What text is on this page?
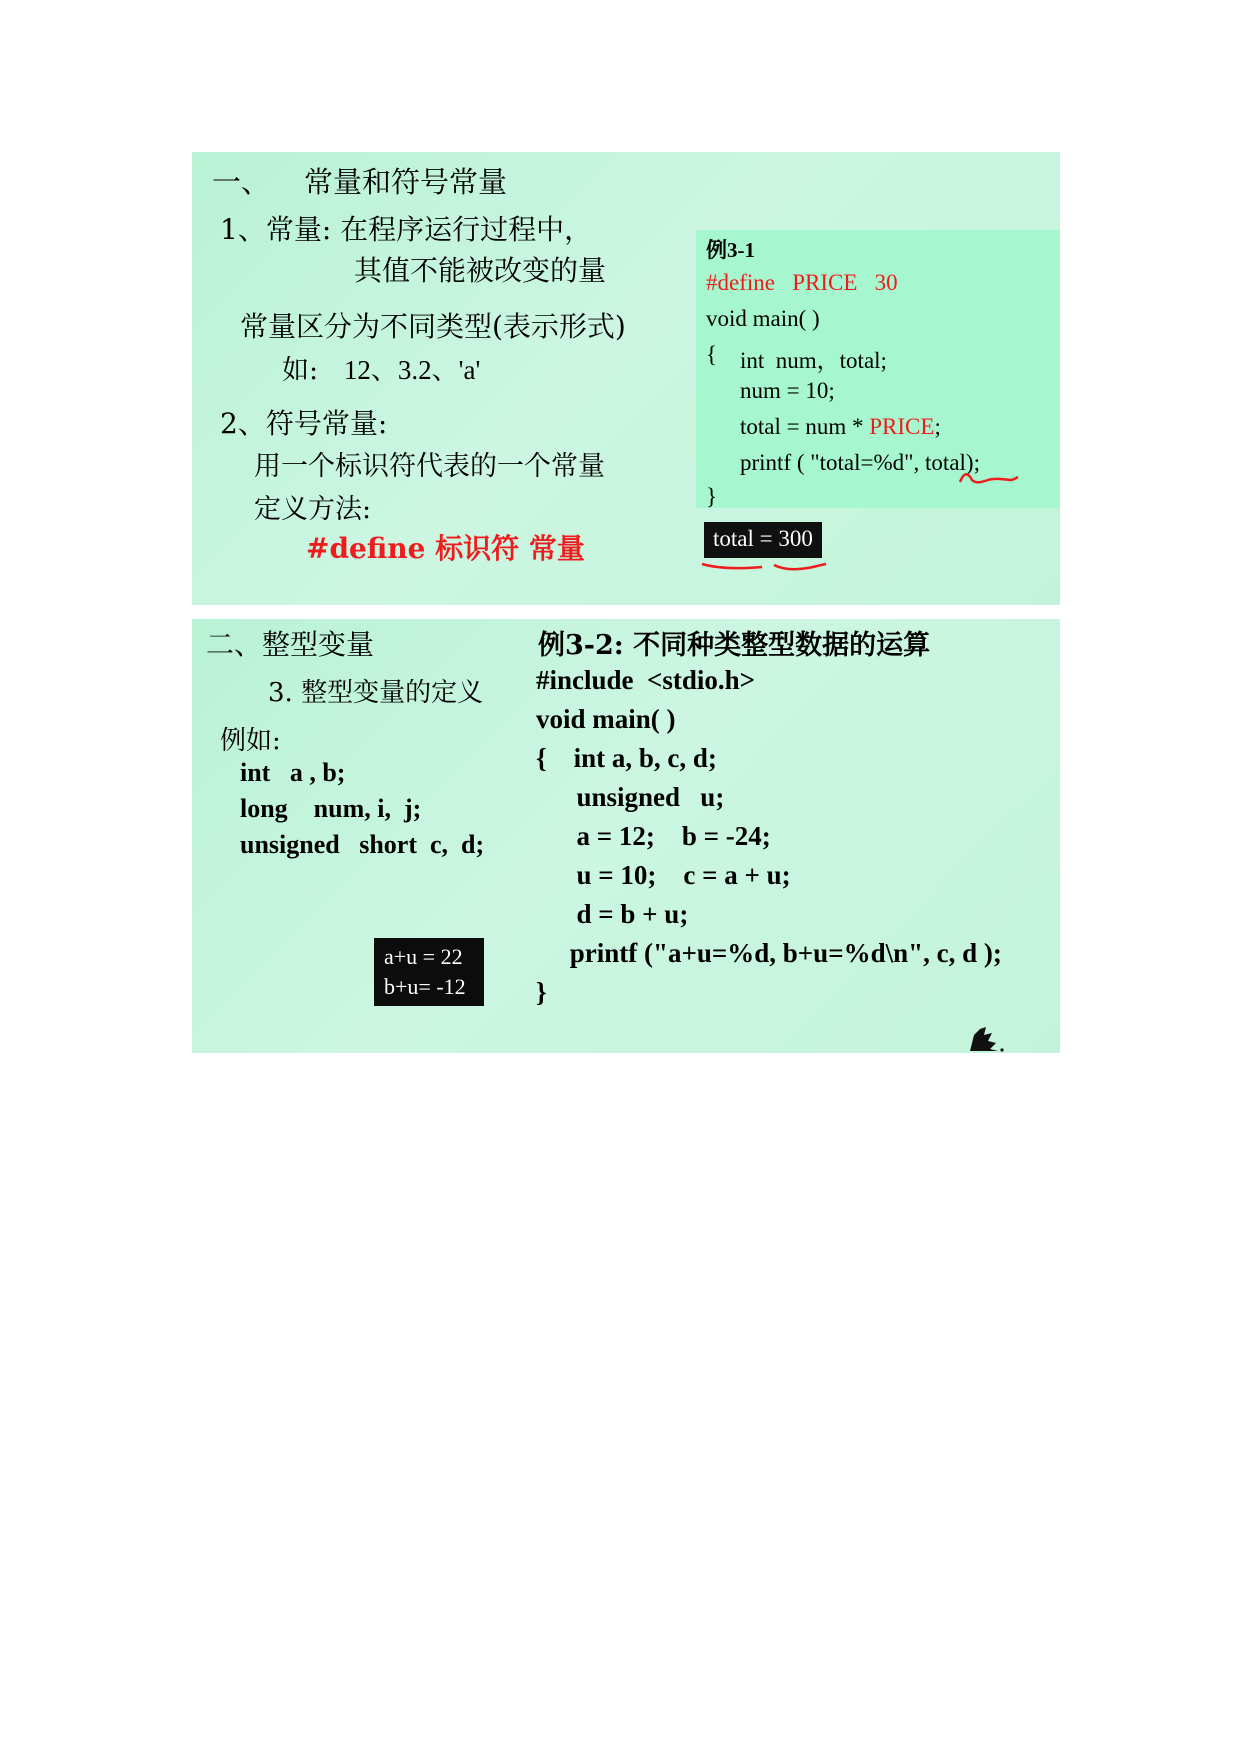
一、 常量和符号常量
1、常量: 在程序运行过程中，
其值不能被改变的量
常量区分为不同类型(表示形式)
如: 12、3.2、'a'
2、符号常量:
用一个标识符代表的一个常量
定义方法:
#define 标识符 常量
例3-1
#define   PRICE   30
void main( )
{ int  num，total;
num = 10;
total = num * PRICE;
printf ( "total=%d", total);
}
total = 300
二、整型变量
3. 整型变量的定义
例如:
int   a , b;
long    num, i,  j;
unsigned   short  c,  d;
a+u = 22
b+u= -12
例3-2: 不同种类整型数据的运算
#include  <stdio.h>
void main( )
{    int a, b, c, d;
unsigned   u;
a = 12;    b = -24;
u = 10;    c = a + u;
d = b + u;
printf ("a+u=%d, b+u=%d\n", c, d );
}
